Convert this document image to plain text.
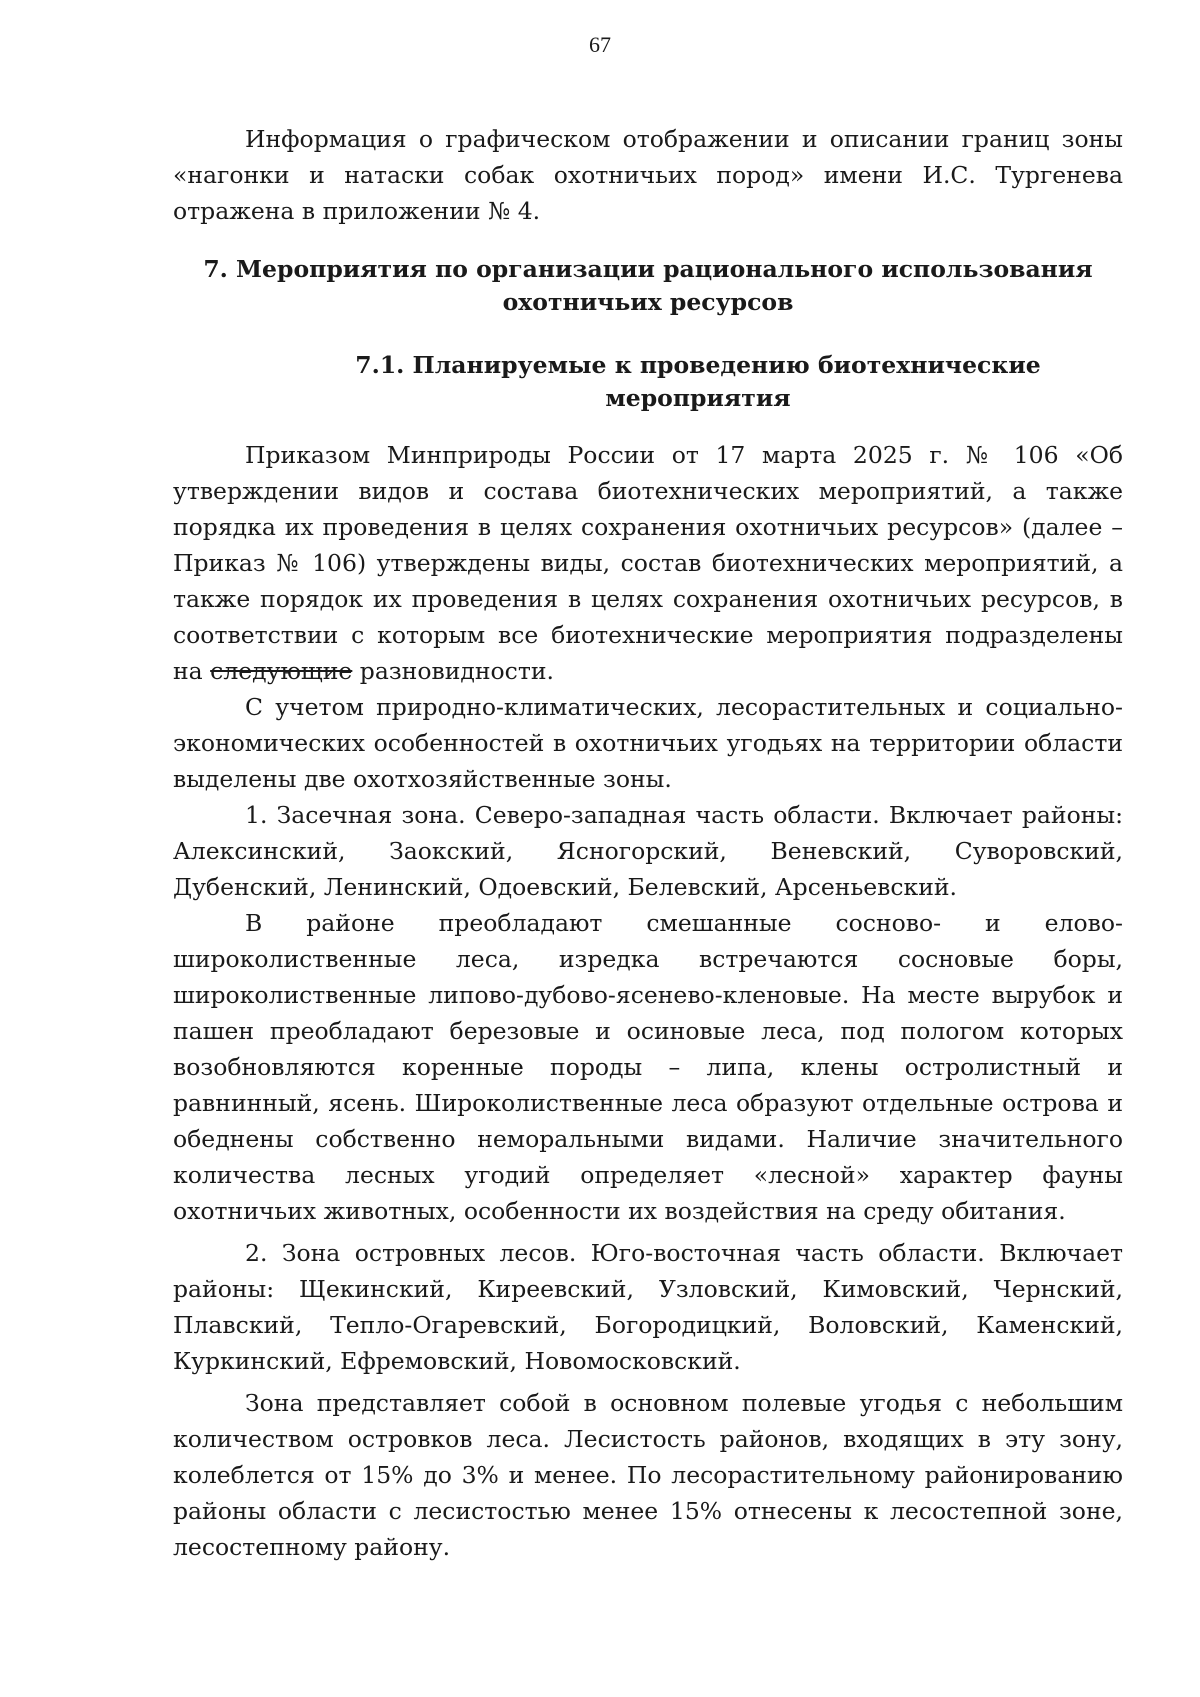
67

Информация о графическом отображении и описании границ зоны «нагонки и натаски собак охотничьих пород» имени И.С. Тургенева отражена в приложении № 4.

7. Мероприятия по организации рационального использования охотничьих ресурсов
7.1. Планируемые к проведению биотехнические мероприятия

Приказом Минприроды России от 17 марта 2025 г. № 106 «Об утверждении видов и состава биотехнических мероприятий, а также порядка их проведения в целях сохранения охотничьих ресурсов» (далее – Приказ № 106) утверждены виды, состав биотехнических мероприятий, а также порядок их проведения в целях сохранения охотничьих ресурсов, в соответствии с которым все биотехнические мероприятия подразделены на следующие разновидности.

С учетом природно-климатических, лесорастительных и социально-экономических особенностей в охотничьих угодьях на территории области выделены две охотхозяйственные зоны.

1. Засечная зона. Северо-западная часть области. Включает районы: Алексинский, Заокский, Ясногорский, Веневский, Суворовский, Дубенский, Ленинский, Одоевский, Белевский, Арсеньевский.

В районе преобладают смешанные сосново- и елово-широколиственные леса, изредка встречаются сосновые боры, широколиственные липово-дубово-ясенево-кленовые. На месте вырубок и пашен преобладают березовые и осиновые леса, под пологом которых возобновляются коренные породы – липа, клены остролистный и равнинный, ясень. Широколиственные леса образуют отдельные острова и обеднены собственно неморальными видами. Наличие значительного количества лесных угодий определяет «лесной» характер фауны охотничьих животных, особенности их воздействия на среду обитания.

2. Зона островных лесов. Юго-восточная часть области. Включает районы: Щекинский, Киреевский, Узловский, Кимовский, Чернский, Плавский, Тепло-Огаревский, Богородицкий, Воловский, Каменский, Куркинский, Ефремовский, Новомосковский.

Зона представляет собой в основном полевые угодья с небольшим количеством островков леса. Лесистость районов, входящих в эту зону, колеблется от 15% до 3% и менее. По лесорастительному районированию районы области с лесистостью менее 15% отнесены к лесостепной зоне, лесостепному району.
